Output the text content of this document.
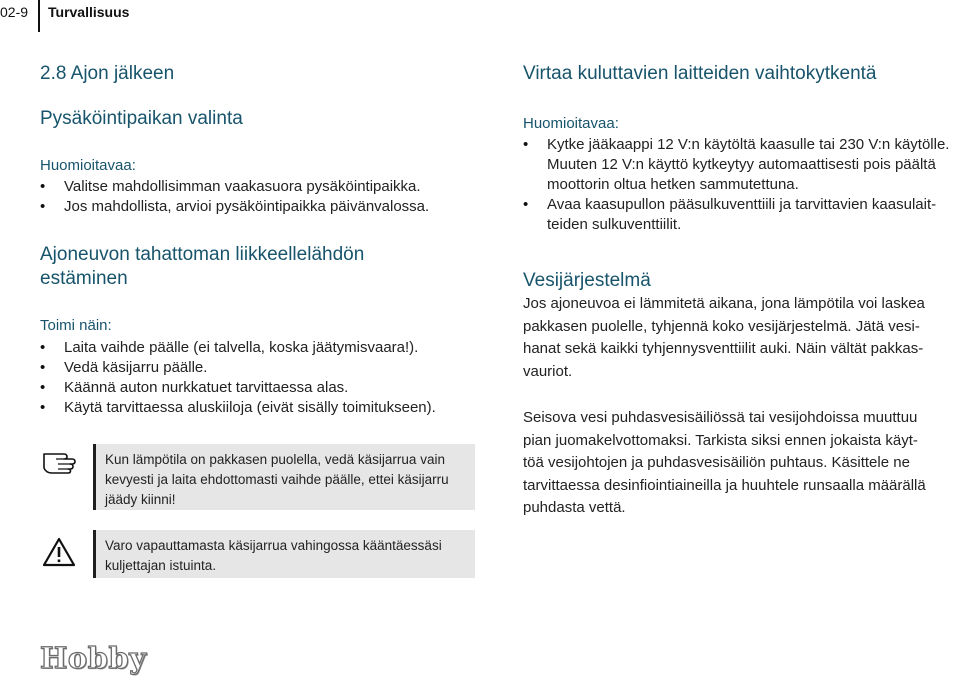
02-9 Turvallisuus
2.8 Ajon jälkeen
Pysäköintipaikan valinta
Huomioitavaa:
• Valitse mahdollisimman vaakasuora pysäköintipaikka.
• Jos mahdollista, arvioi pysäköintipaikka päivänvalossa.
Ajoneuvon tahattoman liikkeellelähdön
estäminen
Toimi näin:
• Laita vaihde päälle (ei talvella, koska jäätymisvaara!).
• Vedä käsijarru päälle.
• Käännä auton nurkkatuet tarvittaessa alas.
• Käytä tarvittaessa aluskiiloja (eivät sisälly toimitukseen).
Kun lämpötila on pakkasen puolella, vedä käsijarrua vain
kevyesti ja laita ehdottomasti vaihde päälle, ettei käsijarru
jäädy kiinni!
Varo vapauttamasta käsijarrua vahingossa kääntäessäsi
kuljettajan istuinta.
Virtaa kuluttavien laitteiden vaihtokytkentä
Huomioitavaa:
• Kytke jääkaappi 12 V:n käytöltä kaasulle tai 230 V:n käytölle.
Muuten 12 V:n käyttö kytkeytyy automaattisesti pois päältä
moottorin oltua hetken sammutettuna.
• Avaa kaasupullon pääsulkuventtiili ja tarvittavien kaasulait-
teiden sulkuventtiilit.
Vesijärjestelmä

Jos ajoneuvoa ei lämmitetä aikana, jona lämpötila voi laskea

pakkasen puolelle, tyhjennä koko vesijärjestelmä. Jätä vesi-

hanat sekä kaikki tyhjennysventtiilit auki. Näin vältät pakkas-

vauriot.

Seisova vesi puhdasvesisäiliössä tai vesijohdoissa muuttuu

pian juomakelvottomaksi. Tarkista siksi ennen jokaista käyt-

töä vesijohtojen ja puhdasvesisäiliön puhtaus. Käsittele ne

tarvittaessa desinfiointiaineilla ja huuhtele runsaalla määrällä

puhdasta vettä.

Hobby
